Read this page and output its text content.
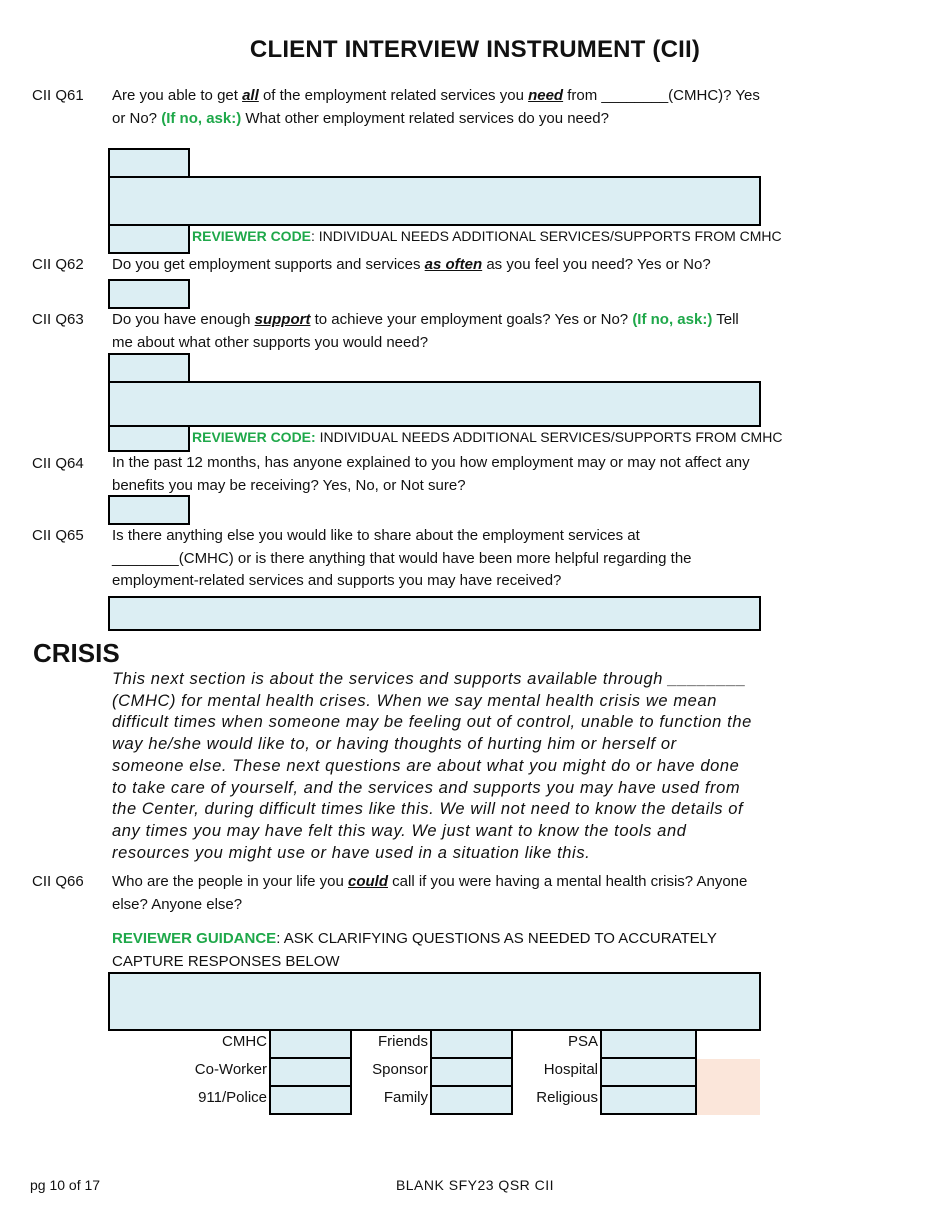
CLIENT INTERVIEW INSTRUMENT (CII)
CII Q61 Are you able to get all of the employment related services you need from ________(CMHC)? Yes or No? (If no, ask:) What other employment related services do you need?
REVIEWER CODE: INDIVIDUAL NEEDS ADDITIONAL SERVICES/SUPPORTS FROM CMHC
CII Q62 Do you get employment supports and services as often as you feel you need? Yes or No?
CII Q63 Do you have enough support to achieve your employment goals? Yes or No? (If no, ask:) Tell me about what other supports you would need?
REVIEWER CODE: INDIVIDUAL NEEDS ADDITIONAL SERVICES/SUPPORTS FROM CMHC
CII Q64 In the past 12 months, has anyone explained to you how employment may or may not affect any benefits you may be receiving? Yes, No, or Not sure?
CII Q65 Is there anything else you would like to share about the employment services at ________(CMHC) or is there anything that would have been more helpful regarding the employment-related services and supports you may have received?
CRISIS
This next section is about the services and supports available through ________ (CMHC) for mental health crises. When we say mental health crisis we mean difficult times when someone may be feeling out of control, unable to function the way he/she would like to, or having thoughts of hurting him or herself or someone else. These next questions are about what you might do or have done to take care of yourself, and the services and supports you may have used from the Center, during difficult times like this. We will not need to know the details of any times you may have felt this way. We just want to know the tools and resources you might use or have used in a situation like this.
CII Q66 Who are the people in your life you could call if you were having a mental health crisis? Anyone else? Anyone else?
REVIEWER GUIDANCE: ASK CLARIFYING QUESTIONS AS NEEDED TO ACCURATELY CAPTURE RESPONSES BELOW
CMHC
Co-Worker
911/Police
Friends
Sponsor
Family
PSA
Hospital
Religious
pg 10 of 17	BLANK SFY23 QSR CII
